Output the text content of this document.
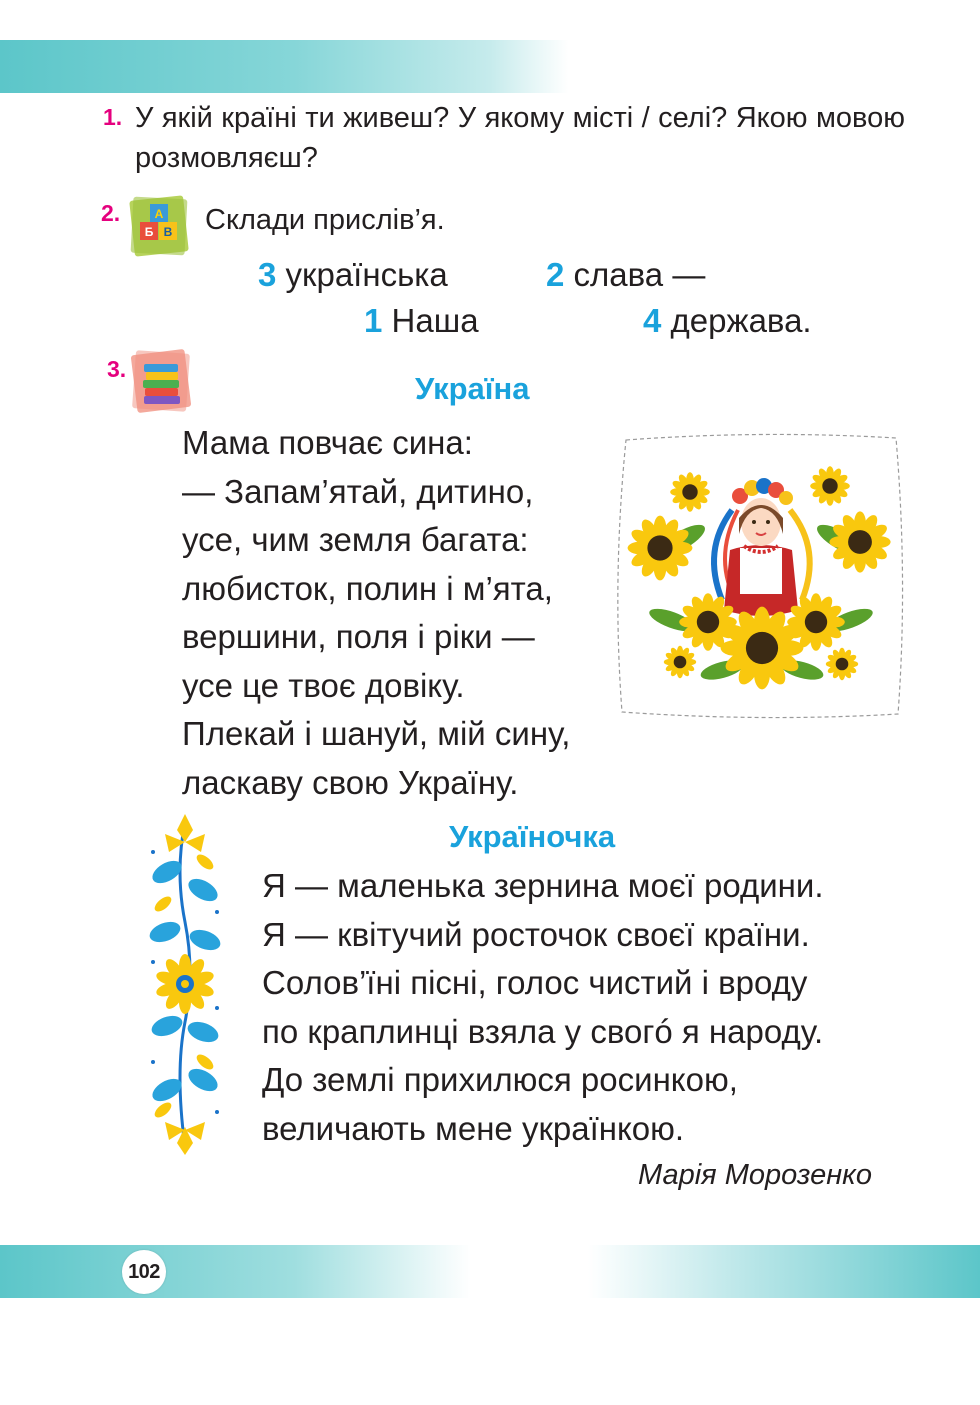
102
1. У якій країні ти живеш? У якому місті / селі? Якою мовою розмовляєш?
2.	А
Б В Склади прислів’я.
3 українська	2 слава —
1 Наша	4 держава.
3.
Україна
Мама повчає сина:
— Запам’ятай, дитино,
усе, чим земля багата:
любисток, полин і м’ята,
вершини, поля і ріки —
усе це твоє довіку.
Плекай і шануй, мій сину,
ласкаву свою Україну.
Україночка
Я — маленька зернина моєї родини.
Я — квітучий росточок своєї країни.
Солов’їні пісні, голос чистий і вроду
по краплинці взяла у свогó я народу.
До землі прихилюся росинкою,
величають мене українкою.
Марія Морозенко
